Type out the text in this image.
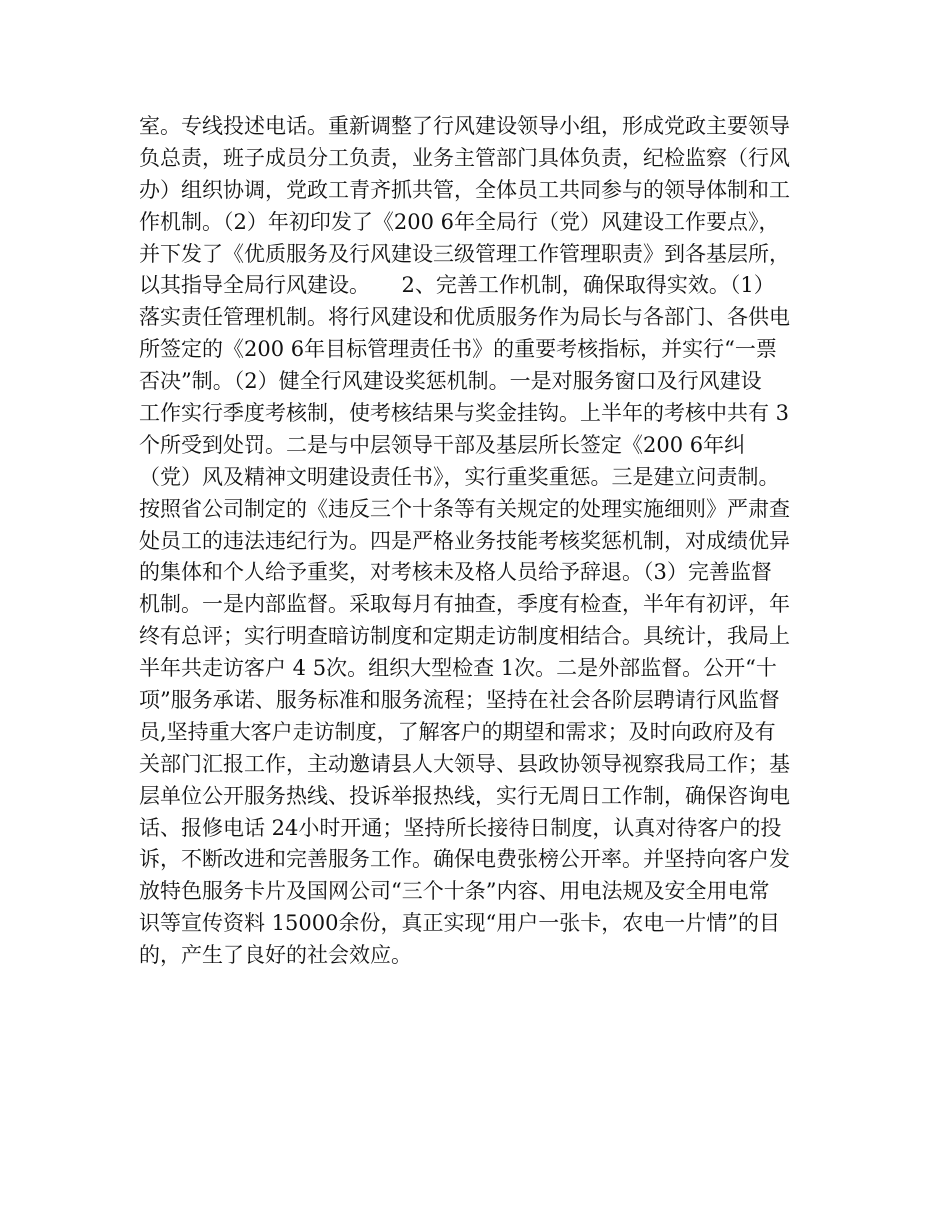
室。专线投述电话。重新调整了行风建设领导小组，形成党政主要领导
负总责，班子成员分工负责，业务主管部门具体负责，纪检监察（行风
办）组织协调，党政工青齐抓共管，全体员工共同参与的领导体制和工
作机制。（2）年初印发了《200 6年全局行（党）风建设工作要点》，
并下发了《优质服务及行风建设三级管理工作管理职责》到各基层所，
以其指导全局行风建设。　　2、完善工作机制，确保取得实效。（1）
落实责任管理机制。将行风建设和优质服务作为局长与各部门、各供电
所签定的《200 6年目标管理责任书》的重要考核指标，并实行“一票
否决”制。（2）健全行风建设奖惩机制。一是对服务窗口及行风建设
工作实行季度考核制，使考核结果与奖金挂钩。上半年的考核中共有 3
个所受到处罚。二是与中层领导干部及基层所长签定《200 6年纠
（党）风及精神文明建设责任书》，实行重奖重惩。三是建立问责制。
按照省公司制定的《违反三个十条等有关规定的处理实施细则》严肃查
处员工的违法违纪行为。四是严格业务技能考核奖惩机制，对成绩优异
的集体和个人给予重奖，对考核未及格人员给予辞退。（3）完善监督
机制。一是内部监督。采取每月有抽查，季度有检查，半年有初评，年
终有总评；实行明查暗访制度和定期走访制度相结合。具统计，我局上
半年共走访客户 4 5次。组织大型检查 1次。二是外部监督。公开“十
项”服务承诺、服务标准和服务流程；坚持在社会各阶层聘请行风监督
员,坚持重大客户走访制度，了解客户的期望和需求；及时向政府及有
关部门汇报工作，主动邀请县人大领导、县政协领导视察我局工作；基
层单位公开服务热线、投诉举报热线，实行无周日工作制，确保咨询电
话、报修电话 24小时开通；坚持所长接待日制度，认真对待客户的投
诉，不断改进和完善服务工作。确保电费张榜公开率。并坚持向客户发
放特色服务卡片及国网公司“三个十条”内容、用电法规及安全用电常
识等宣传资料 15000余份，真正实现“用户一张卡，农电一片情”的目
的，产生了良好的社会效应。
